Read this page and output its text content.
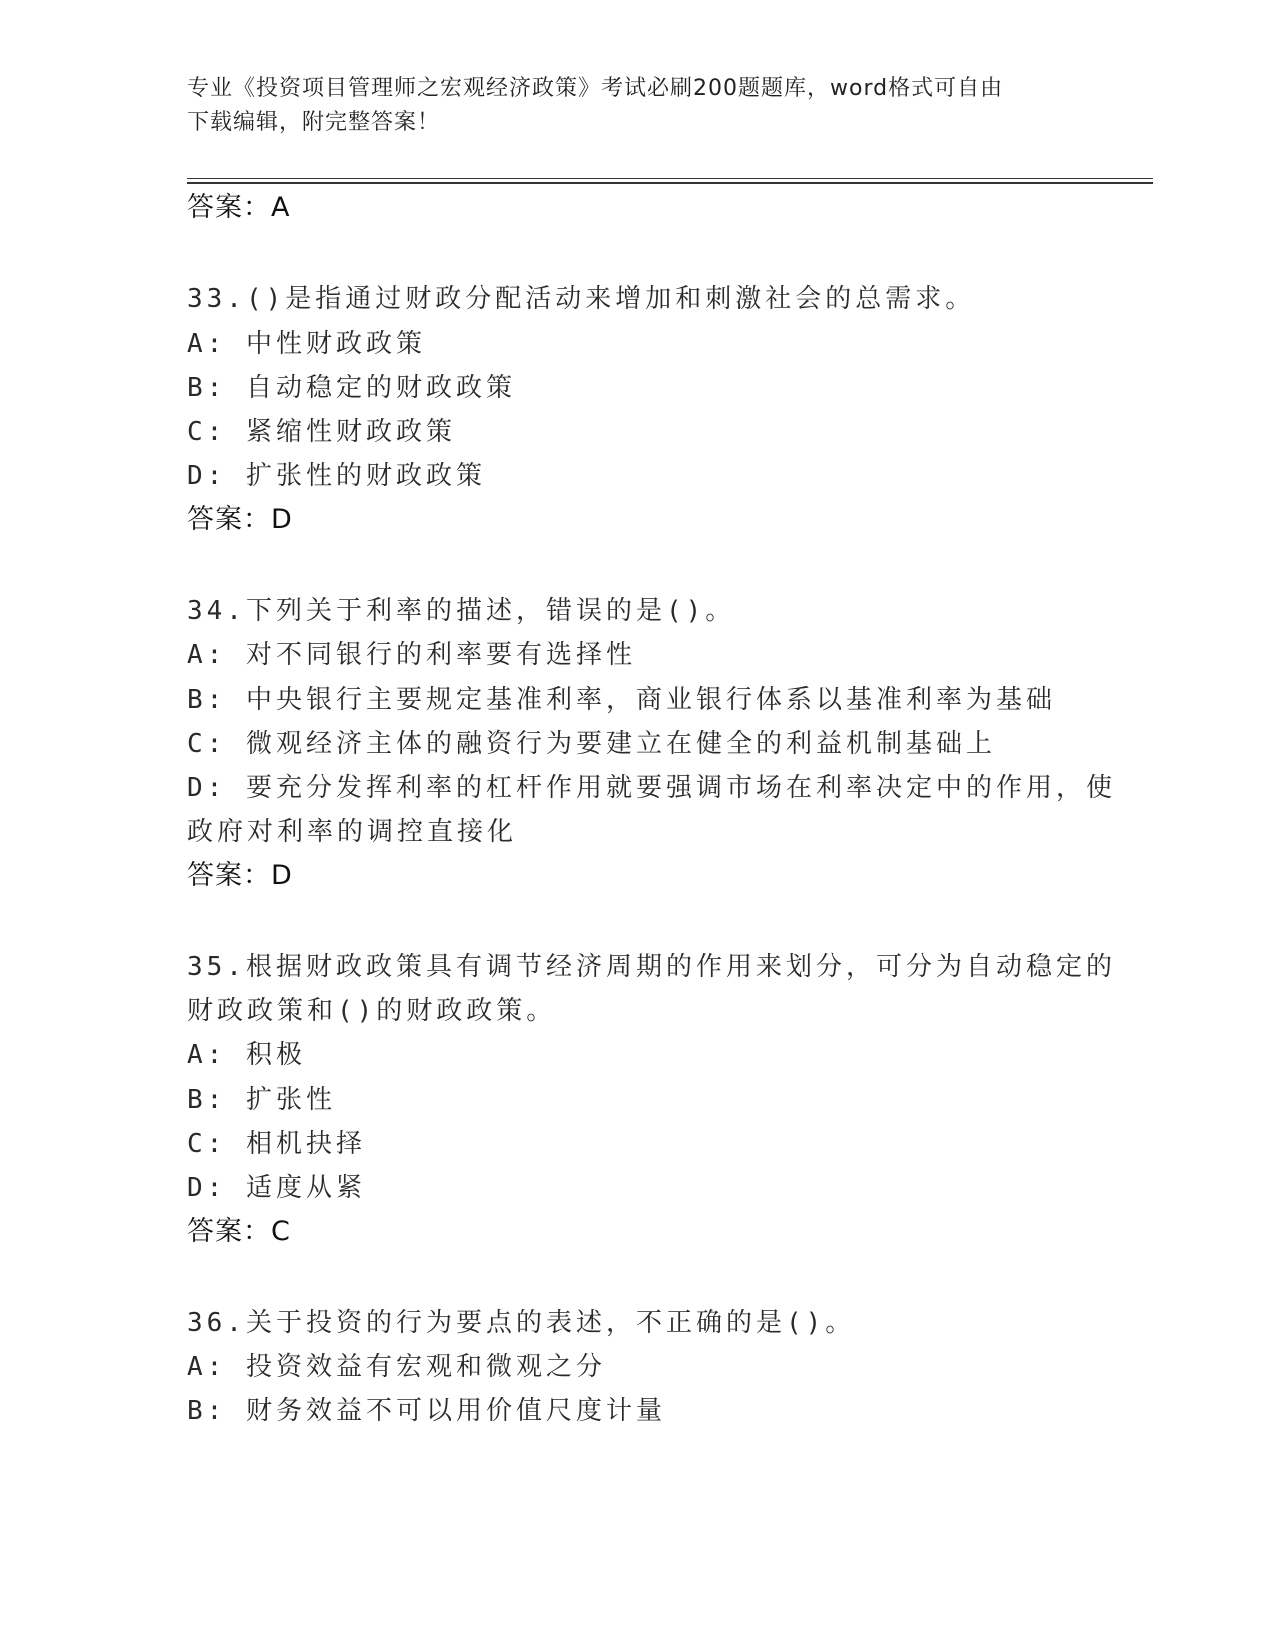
专业《投资项目管理师之宏观经济政策》考试必刷200题题库，word格式可自由
下载编辑，附完整答案！
答案：A
33.()是指通过财政分配活动来增加和刺激社会的总需求。
A: 中性财政政策
B: 自动稳定的财政政策
C: 紧缩性财政政策
D: 扩张性的财政政策
答案：D
34.下列关于利率的描述，错误的是()。
A: 对不同银行的利率要有选择性
B: 中央银行主要规定基准利率，商业银行体系以基准利率为基础
C: 微观经济主体的融资行为要建立在健全的利益机制基础上
D: 要充分发挥利率的杠杆作用就要强调市场在利率决定中的作用，使
政府对利率的调控直接化
答案：D
35.根据财政政策具有调节经济周期的作用来划分，可分为自动稳定的
财政政策和()的财政政策。
A: 积极
B: 扩张性
C: 相机抉择
D: 适度从紧
答案：C
36.关于投资的行为要点的表述，不正确的是()。
A: 投资效益有宏观和微观之分
B: 财务效益不可以用价值尺度计量
